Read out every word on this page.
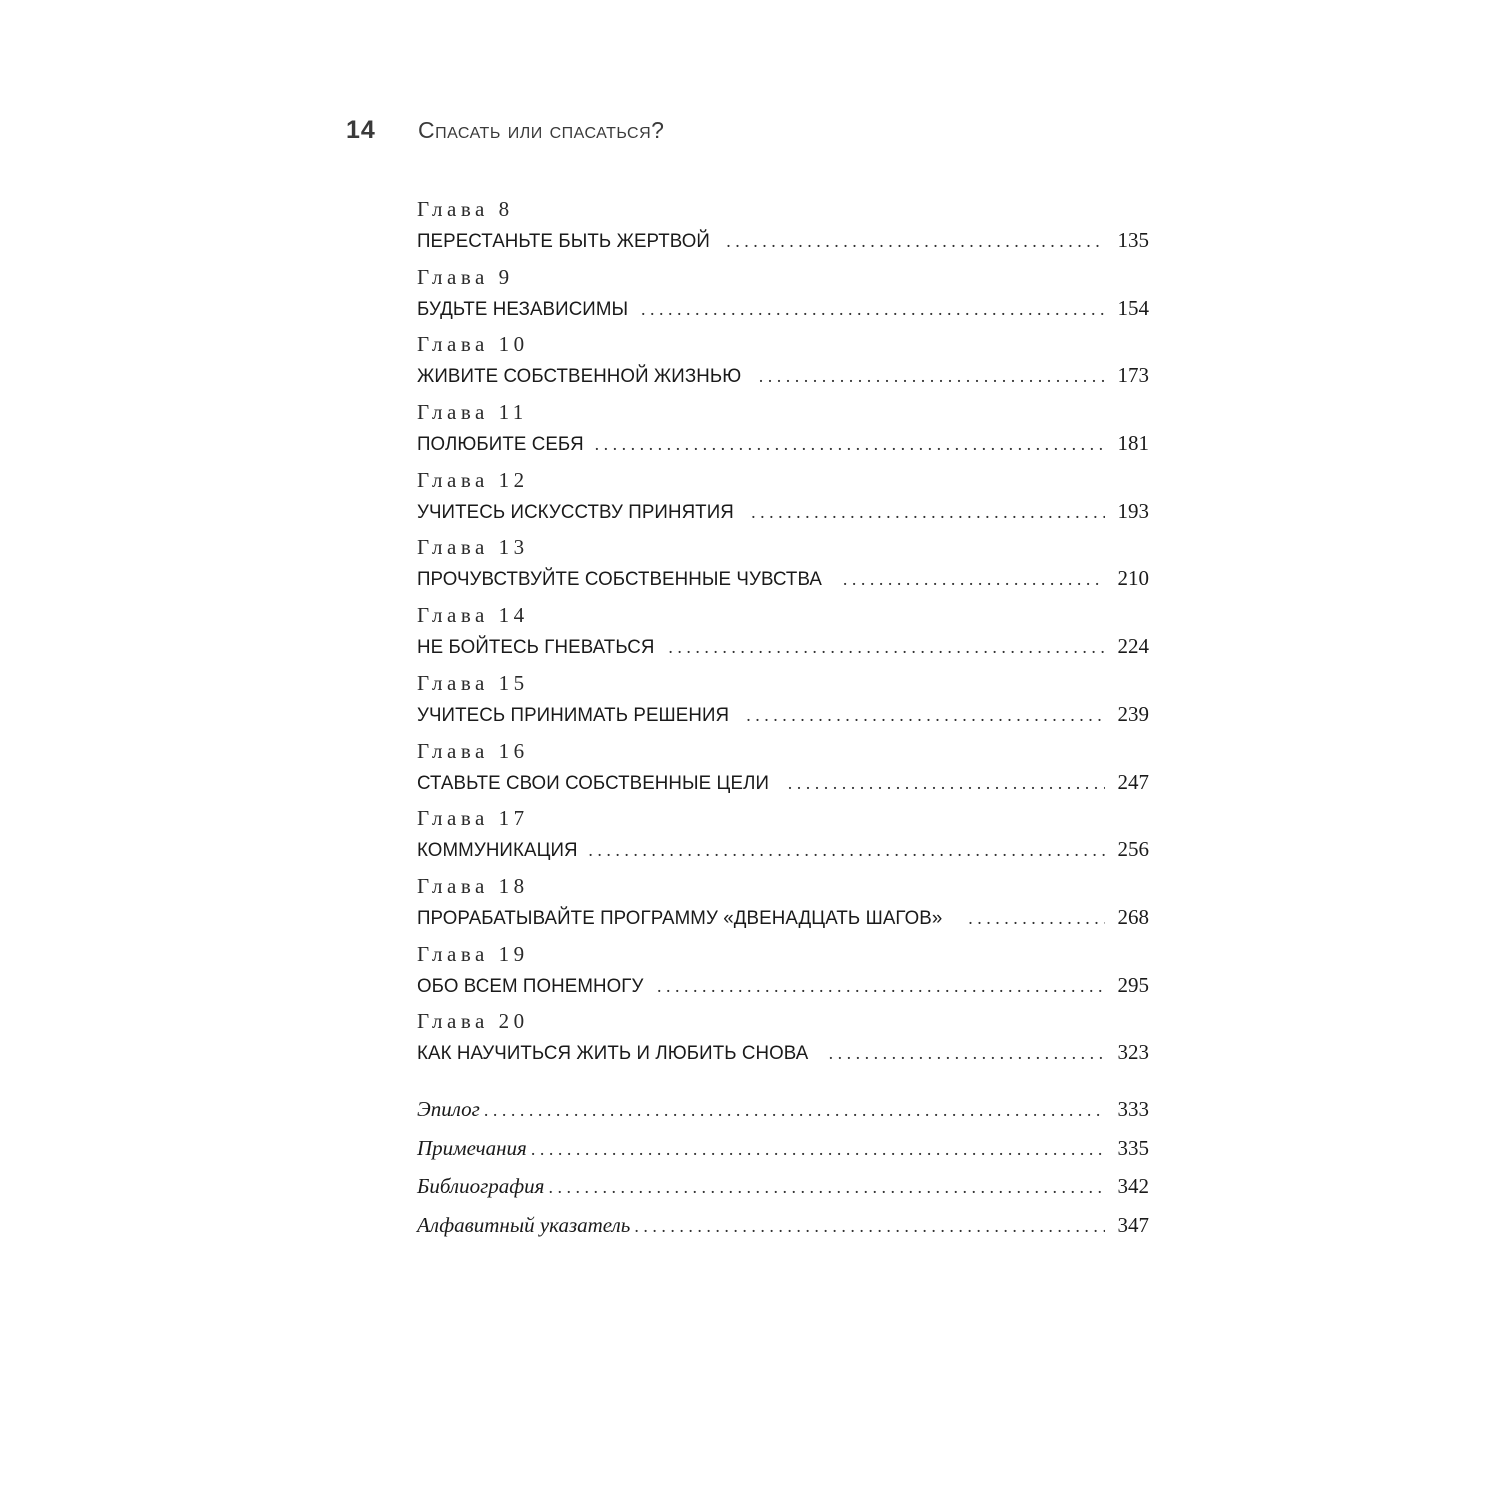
14	Спасать или спасаться?
Глава 8
ПЕРЕСТАНЬТЕ БЫТЬ ЖЕРТВОЙ . . .	135
Глава 9
БУДЬТЕ НЕЗАВИСИМЫ . . .	154
Глава 10
ЖИВИТЕ СОБСТВЕННОЙ ЖИЗНЬЮ . . .	173
Глава 11
ПОЛЮБИТЕ СЕБЯ . . .	181
Глава 12
УЧИТЕСЬ ИСКУССТВУ ПРИНЯТИЯ . . .	193
Глава 13
ПРОЧУВСТВУЙТЕ СОБСТВЕННЫЕ ЧУВСТВА . . .	210
Глава 14
НЕ БОЙТЕСЬ ГНЕВАТЬСЯ . . .	224
Глава 15
УЧИТЕСЬ ПРИНИМАТЬ РЕШЕНИЯ . . .	239
Глава 16
СТАВЬТЕ СВОИ СОБСТВЕННЫЕ ЦЕЛИ . . .	247
Глава 17
КОММУНИКАЦИЯ . . .	256
Глава 18
ПРОРАБАТЫВАЙТЕ ПРОГРАММУ «ДВЕНАДЦАТЬ ШАГОВ» . . .	268
Глава 19
ОБО ВСЕМ ПОНЕМНОГУ . . .	295
Глава 20
КАК НАУЧИТЬСЯ ЖИТЬ И ЛЮБИТЬ СНОВА . . .	323
Эпилог . . .	333
Примечания . . .	335
Библиография . . .	342
Алфавитный указатель . . .	347
